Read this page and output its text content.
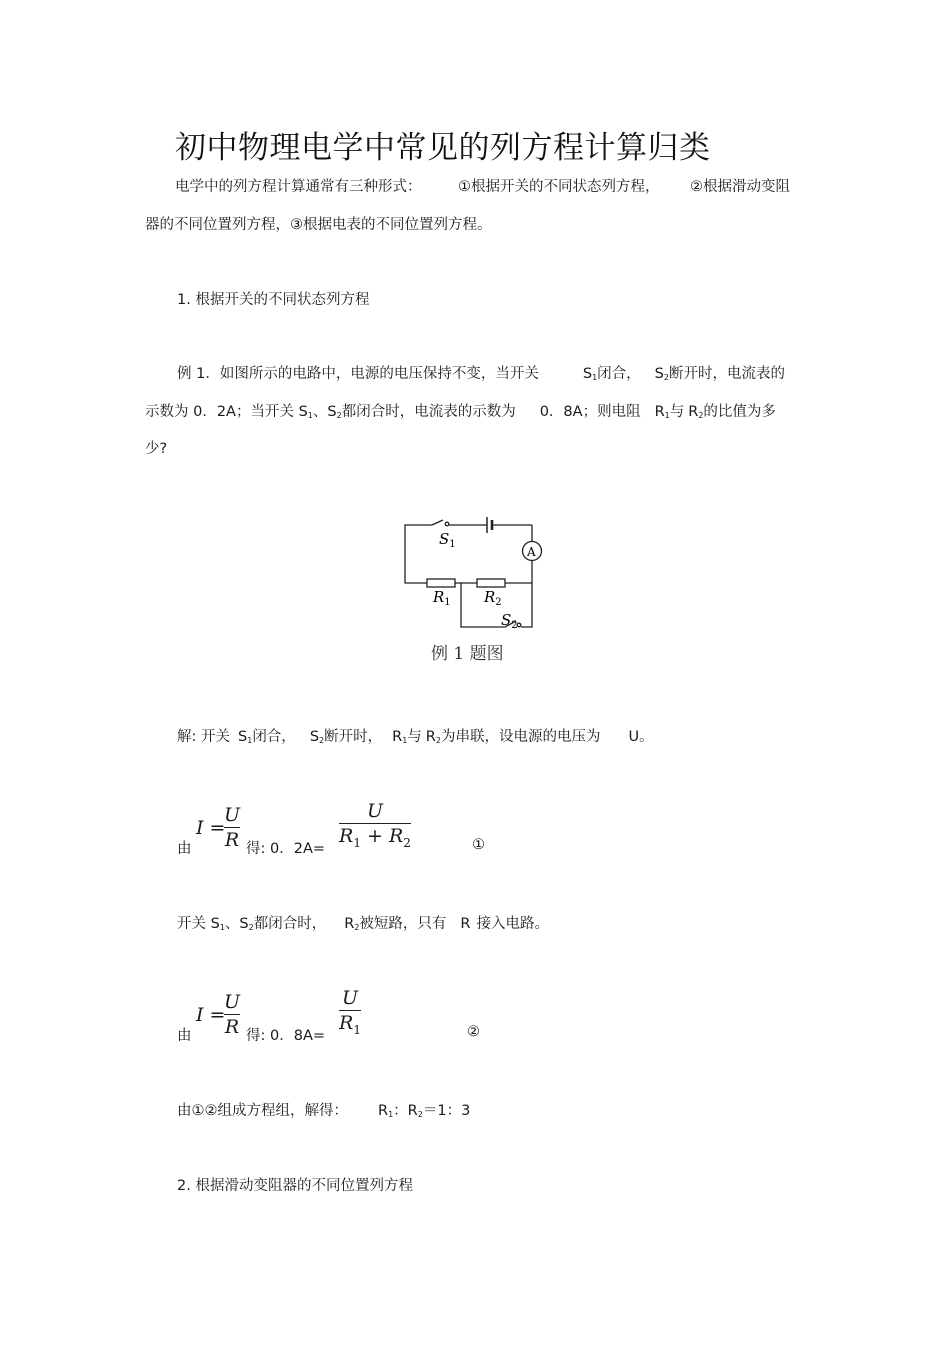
初中物理电学中常见的列方程计算归类
电学中的列方程计算通常有三种形式：	①根据开关的不同状态列方程， ②根据滑动变阻
器的不同位置列方程，③根据电表的不同位置列方程。
1. 根据开关的不同状态列方程
例 1．如图所示的电路中，电源的电压保持不变，当开关	$S_1$闭合， $S_2$断开时，电流表的
示数为 0．2A；当开关 $S_1$、$S_2$都闭合时，电流表的示数为 0．8A；则电阻 $R_1$与 $R_2$的比值为多
少?
$S_1$
A
$R_1$ $R_2$
$S_2$
例 1 题图
解: 开关 $S_1$闭合， $S_2$断开时， $R_1$与 $R_2$为串联，设电源的电压为 U。
由
I =
U
R 得: 0．2A=
U
$R_1 + R_2$	①
开关 $S_1$、$S_2$都闭合时， $R_2$被短路，只有 R 接入电路。
由
I =
U
R 得: 0．8A=
U
$R_1$	②
由①②组成方程组，解得： $R_1$：$R_2=1$：3
2. 根据滑动变阻器的不同位置列方程
